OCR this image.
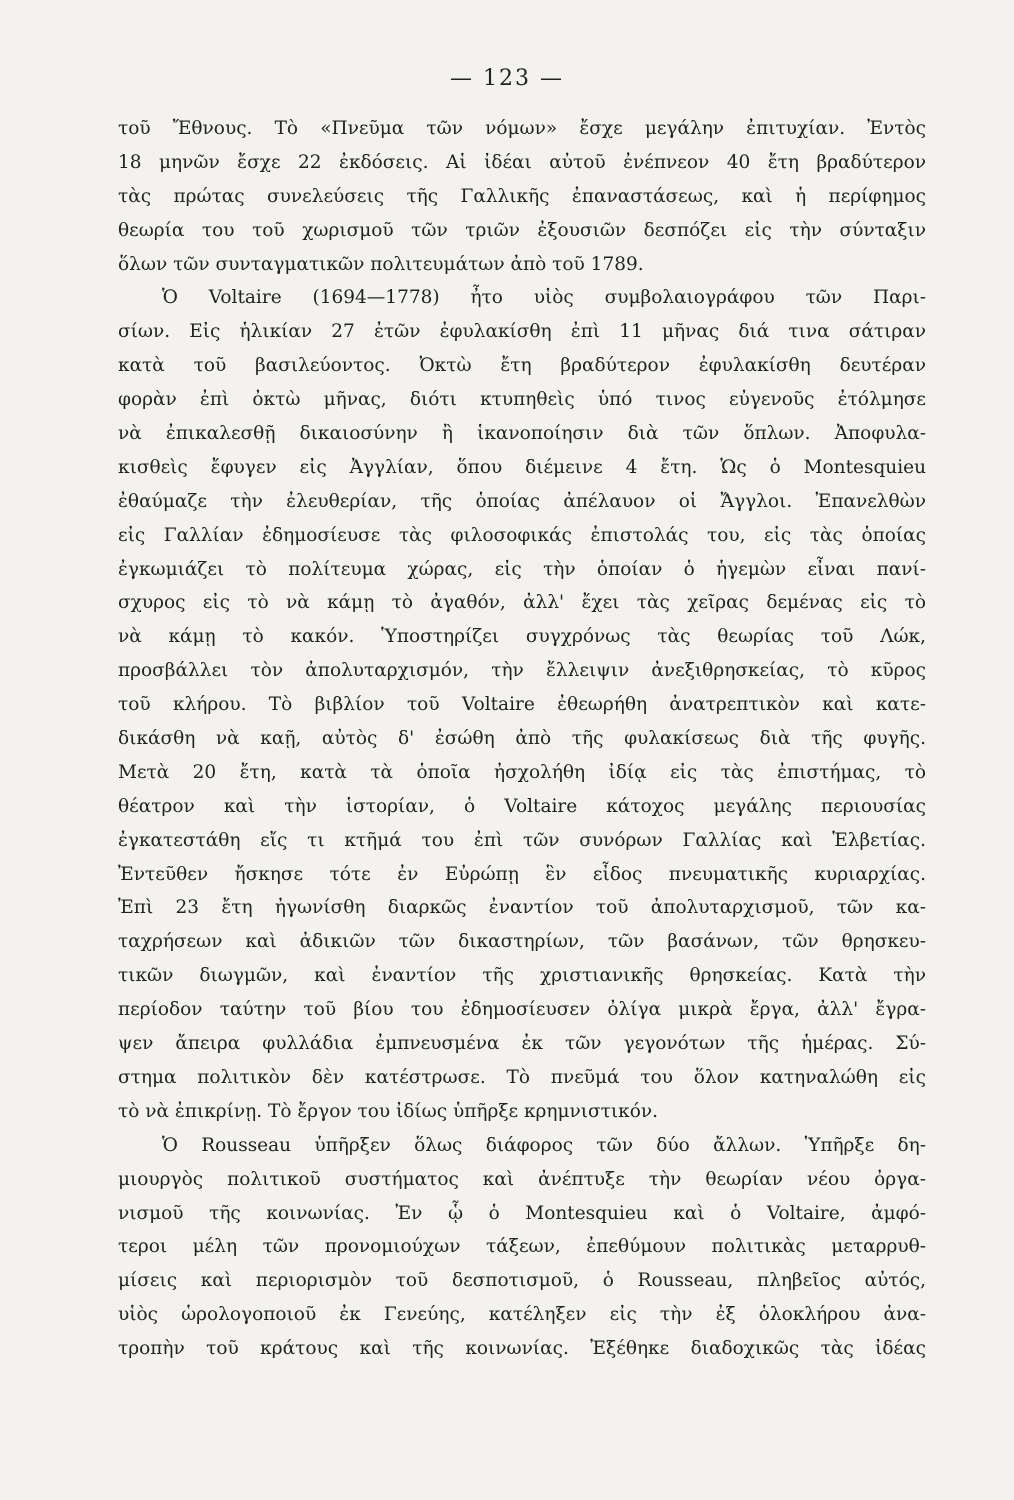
— 123 —
τοῦ Ἔθνους. Τὸ «Πνεῦμα τῶν νόμων» ἔσχε μεγάλην ἐπιτυχίαν. Ἐντὸς
18 μηνῶν ἔσχε 22 ἐκδόσεις. Αἱ ἰδέαι αὐτοῦ ἐνέπνεον 40 ἔτη βραδύτερον
τὰς πρώτας συνελεύσεις τῆς Γαλλικῆς ἐπαναστάσεως, καὶ ἡ περίφημος
θεωρία του τοῦ χωρισμοῦ τῶν τριῶν ἐξουσιῶν δεσπόζει εἰς τὴν σύνταξιν
ὅλων τῶν συνταγματικῶν πολιτευμάτων ἀπὸ τοῦ 1789.
Ὁ Voltaire (1694—1778) ἦτο υἱὸς συμβολαιογράφου τῶν Παρι-
σίων. Εἰς ἡλικίαν 27 ἐτῶν ἐφυλακίσθη ἐπὶ 11 μῆνας διά τινα σάτιραν
κατὰ τοῦ βασιλεύοντος. Ὀκτὼ ἔτη βραδύτερον ἐφυλακίσθη δευτέραν
φορὰν ἐπὶ ὀκτὼ μῆνας, διότι κτυπηθεὶς ὑπό τινος εὐγενοῦς ἐτόλμησε
νὰ ἐπικαλεσθῇ δικαιοσύνην ἢ ἱκανοποίησιν διὰ τῶν ὅπλων. Ἀποφυλα-
κισθεὶς ἔφυγεν εἰς Ἀγγλίαν, ὅπου διέμεινε 4 ἔτη. Ὡς ὁ Montesquieu
ἐθαύμαζε τὴν ἐλευθερίαν, τῆς ὁποίας ἀπέλαυον οἱ Ἄγγλοι. Ἐπανελθὼν
εἰς Γαλλίαν ἐδημοσίευσε τὰς φιλοσοφικάς ἐπιστολάς του, εἰς τὰς ὁποίας
ἐγκωμιάζει τὸ πολίτευμα χώρας, εἰς τὴν ὁποίαν ὁ ἡγεμὼν εἶναι πανί-
σχυρος εἰς τὸ νὰ κάμῃ τὸ ἀγαθόν, ἀλλ' ἔχει τὰς χεῖρας δεμένας εἰς τὸ
νὰ κάμῃ τὸ κακόν. Ὑποστηρίζει συγχρόνως τὰς θεωρίας τοῦ Λώκ,
προσβάλλει τὸν ἀπολυταρχισμόν, τὴν ἔλλειψιν ἀνεξιθρησκείας, τὸ κῦρος
τοῦ κλήρου. Τὸ βιβλίον τοῦ Voltaire ἐθεωρήθη ἀνατρεπτικὸν καὶ κατε-
δικάσθη νὰ καῇ, αὐτὸς δ' ἐσώθη ἀπὸ τῆς φυλακίσεως διὰ τῆς φυγῆς.
Μετὰ 20 ἔτη, κατὰ τὰ ὁποῖα ἠσχολήθη ἰδίᾳ εἰς τὰς ἐπιστήμας, τὸ
θέατρον καὶ τὴν ἱστορίαν, ὁ Voltaire κάτοχος μεγάλης περιουσίας
ἐγκατεστάθη εἴς τι κτῆμά του ἐπὶ τῶν συνόρων Γαλλίας καὶ Ἑλβετίας.
Ἐντεῦθεν ἤσκησε τότε ἐν Εὐρώπῃ ἓν εἶδος πνευματικῆς κυριαρχίας.
Ἐπὶ 23 ἔτη ἠγωνίσθη διαρκῶς ἐναντίον τοῦ ἀπολυταρχισμοῦ, τῶν κα-
ταχρήσεων καὶ ἀδικιῶν τῶν δικαστηρίων, τῶν βασάνων, τῶν θρησκευ-
τικῶν διωγμῶν, καὶ ἐναντίον τῆς χριστιανικῆς θρησκείας. Κατὰ τὴν
περίοδον ταύτην τοῦ βίου του ἐδημοσίευσεν ὀλίγα μικρὰ ἔργα, ἀλλ' ἔγρα-
ψεν ἄπειρα φυλλάδια ἐμπνευσμένα ἐκ τῶν γεγονότων τῆς ἡμέρας. Σύ-
στημα πολιτικὸν δὲν κατέστρωσε. Τὸ πνεῦμά του ὅλον κατηναλώθη εἰς
τὸ νὰ ἐπικρίνῃ. Τὸ ἔργον του ἰδίως ὑπῆρξε κρημνιστικόν.
Ὁ Rousseau ὑπῆρξεν ὅλως διάφορος τῶν δύο ἄλλων. Ὑπῆρξε δη-
μιουργὸς πολιτικοῦ συστήματος καὶ ἀνέπτυξε τὴν θεωρίαν νέου ὀργα-
νισμοῦ τῆς κοινωνίας. Ἐν ᾧ ὁ Montesquieu καὶ ὁ Voltaire, ἀμφό-
τεροι μέλη τῶν προνομιούχων τάξεων, ἐπεθύμουν πολιτικὰς μεταρρυθ-
μίσεις καὶ περιορισμὸν τοῦ δεσποτισμοῦ, ὁ Rousseau, πληβεῖος αὐτός,
υἱὸς ὡρολογοποιοῦ ἐκ Γενεύης, κατέληξεν εἰς τὴν ἐξ ὁλοκλήρου ἀνα-
τροπὴν τοῦ κράτους καὶ τῆς κοινωνίας. Ἐξέθηκε διαδοχικῶς τὰς ἰδέας
